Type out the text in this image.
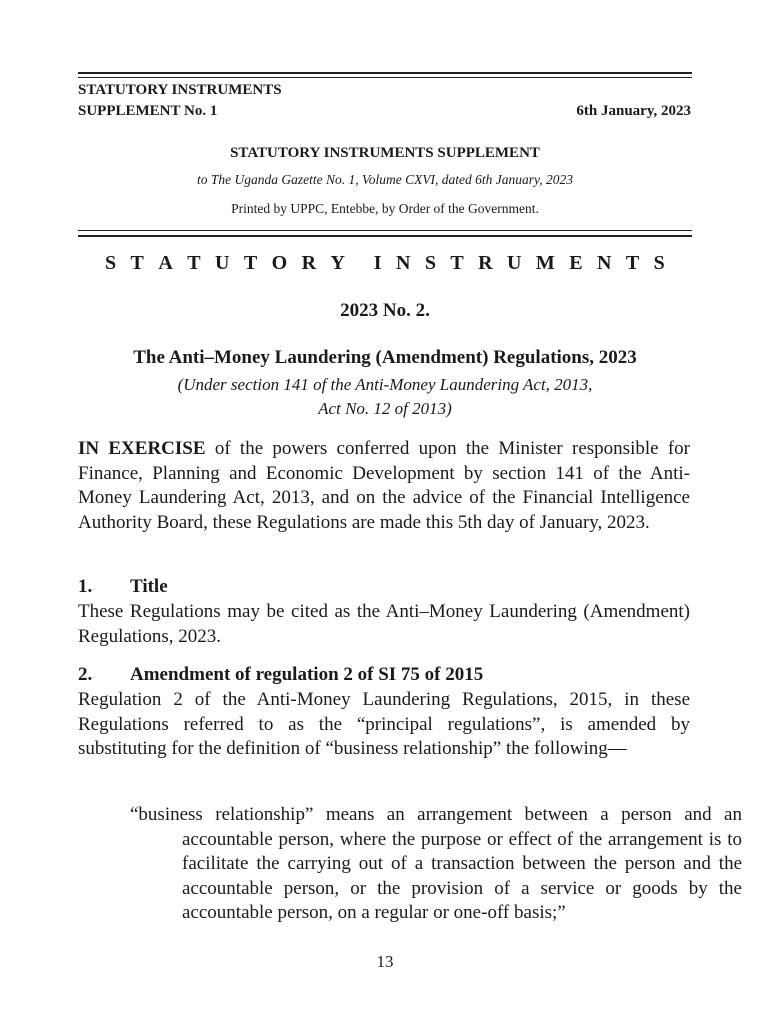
STATUTORY INSTRUMENTS
SUPPLEMENT No. 1	6th January, 2023
STATUTORY INSTRUMENTS SUPPLEMENT
to The Uganda Gazette No. 1, Volume CXVI, dated 6th January, 2023
Printed by UPPC, Entebbe, by Order of the Government.
S T A T U T O R Y I N S T R U M E N T S
2023 No. 2.
The Anti–Money Laundering (Amendment) Regulations, 2023
(Under section 141 of the Anti-Money Laundering Act, 2013,
Act No. 12 of 2013)
IN EXERCISE of the powers conferred upon the Minister responsible for Finance, Planning and Economic Development by section 141 of the Anti-Money Laundering Act, 2013, and on the advice of the Financial Intelligence Authority Board, these Regulations are made this 5th day of January, 2023.
1. Title
These Regulations may be cited as the Anti–Money Laundering (Amendment) Regulations, 2023.
2. Amendment of regulation 2 of SI 75 of 2015
Regulation 2 of the Anti-Money Laundering Regulations, 2015, in these Regulations referred to as the “principal regulations”, is amended by substituting for the definition of “business relationship” the following—
“business relationship” means an arrangement between a person and an accountable person, where the purpose or effect of the arrangement is to facilitate the carrying out of a transaction between the person and the accountable person, or the provision of a service or goods by the accountable person, on a regular or one-off basis;”
13
